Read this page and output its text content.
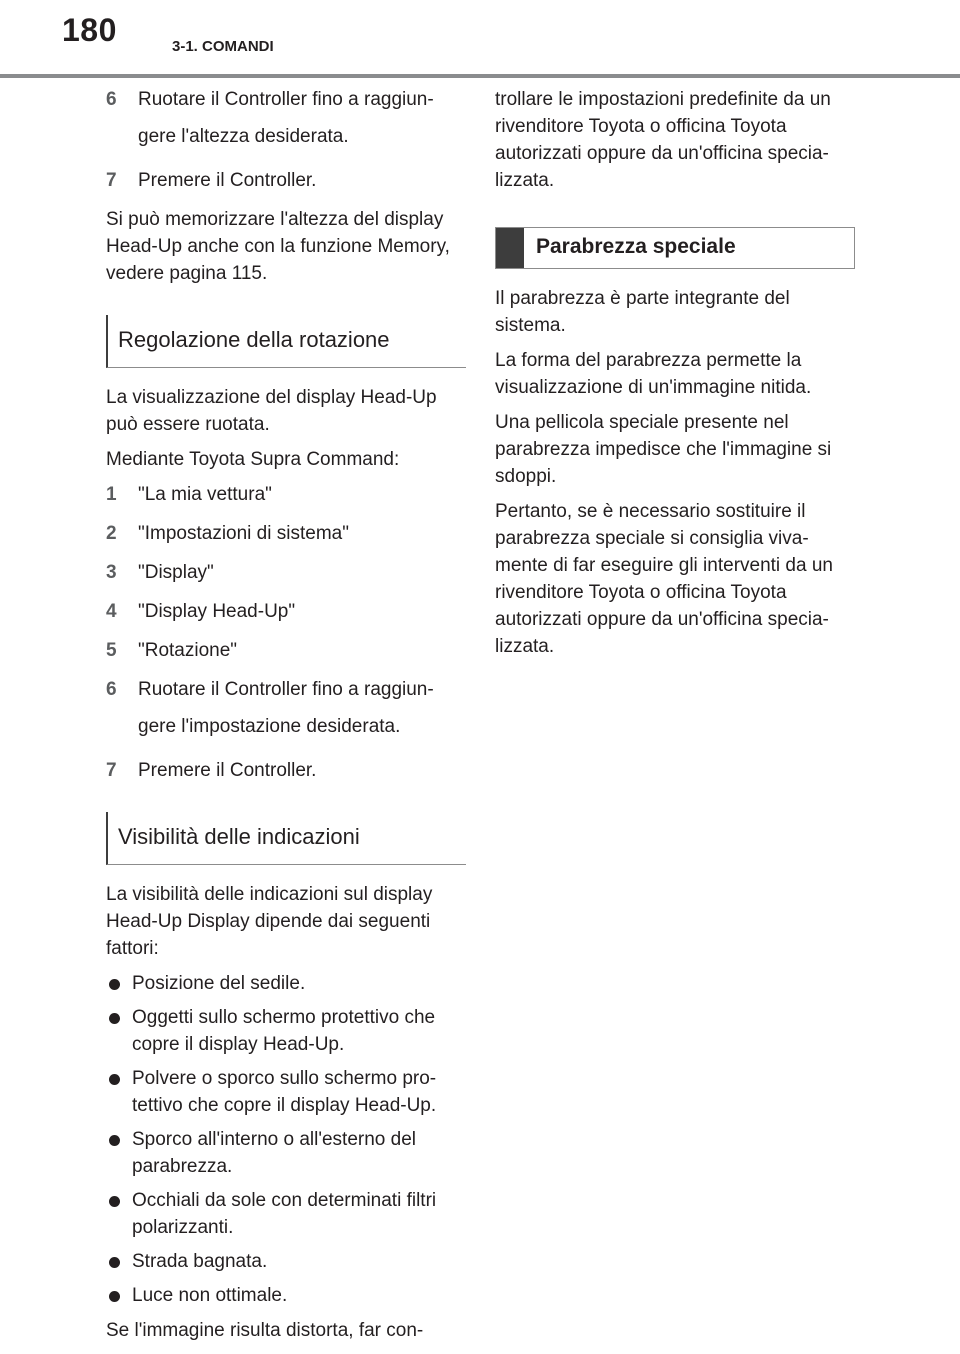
180	3-1. COMANDI
6	Ruotare il Controller fino a raggiun-gere l'altezza desiderata.
7	Premere il Controller.

Si può memorizzare l'altezza del display Head-Up anche con la funzione Memory, vedere pagina 115.

Regolazione della rotazione

La visualizzazione del display Head-Up può essere ruotata.

Mediante Toyota Supra Command:

1	"La mia vettura"
2	"Impostazioni di sistema"
3	"Display"
4	"Display Head-Up"
5	"Rotazione"
6	Ruotare il Controller fino a raggiun-gere l'impostazione desiderata.
7	Premere il Controller.
Visibilità delle indicazioni

La visibilità delle indicazioni sul display Head-Up Display dipende dai seguenti fattori:

Posizione del sedile.
Oggetti sullo schermo protettivo che copre il display Head-Up.
Polvere o sporco sullo schermo pro-tettivo che copre il display Head-Up.
Sporco all'interno o all'esterno del parabrezza.
Occhiali da sole con determinati filtri polarizzanti.
Strada bagnata.
Luce non ottimale.

Se l'immagine risulta distorta, far con-

trollare le impostazioni predefinite da un rivenditore Toyota o officina Toyota autorizzati oppure da un'officina specia-lizzata.

Parabrezza speciale

Il parabrezza è parte integrante del sistema.

La forma del parabrezza permette la visualizzazione di un'immagine nitida.

Una pellicola speciale presente nel parabrezza impedisce che l'immagine si sdoppi.

Pertanto, se è necessario sostituire il parabrezza speciale si consiglia viva-mente di far eseguire gli interventi da un rivenditore Toyota o officina Toyota autorizzati oppure da un'officina specia-lizzata.
